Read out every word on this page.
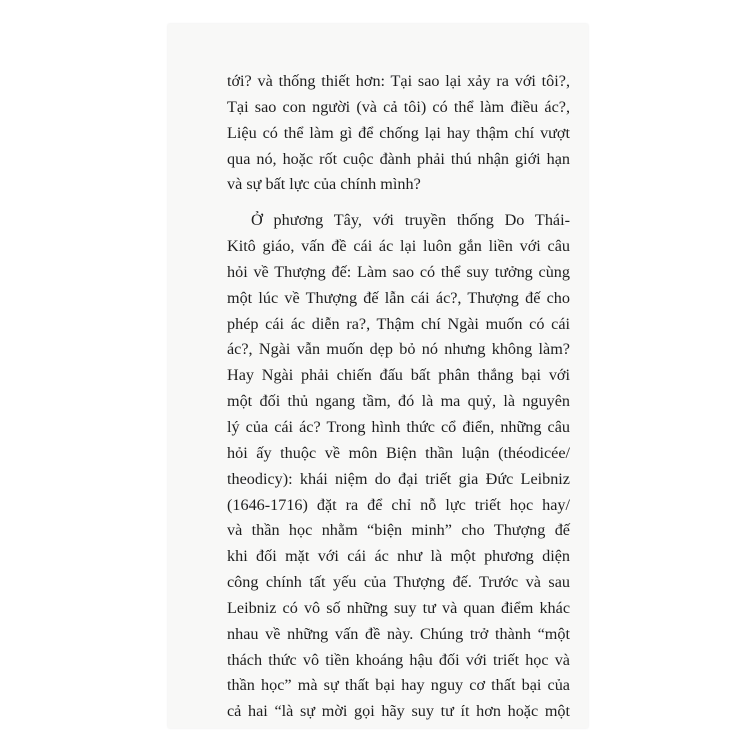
tới? và thống thiết hơn: Tại sao lại xảy ra với tôi?,
Tại sao con người (và cả tôi) có thể làm điều ác?,
Liệu có thể làm gì để chống lại hay thậm chí vượt
qua nó, hoặc rốt cuộc đành phải thú nhận giới hạn
và sự bất lực của chính mình?

Ở phương Tây, với truyền thống Do Thái-
Kitô giáo, vấn đề cái ác lại luôn gắn liền với câu
hỏi về Thượng đế: Làm sao có thể suy tưởng cùng
một lúc về Thượng đế lẫn cái ác?, Thượng đế cho
phép cái ác diễn ra?, Thậm chí Ngài muốn có cái
ác?, Ngài vẫn muốn dẹp bỏ nó nhưng không làm?
Hay Ngài phải chiến đấu bất phân thắng bại với
một đối thủ ngang tầm, đó là ma quỷ, là nguyên
lý của cái ác? Trong hình thức cổ điển, những câu
hỏi ấy thuộc về môn Biện thần luận (théodicée/
theodicy): khái niệm do đại triết gia Đức Leibniz
(1646-1716) đặt ra để chỉ nỗ lực triết học hay/
và thần học nhằm “biện minh” cho Thượng đế
khi đối mặt với cái ác như là một phương diện
công chính tất yếu của Thượng đế. Trước và sau
Leibniz có vô số những suy tư và quan điểm khác
nhau về những vấn đề này. Chúng trở thành “một
thách thức vô tiền khoáng hậu đối với triết học và
thần học” mà sự thất bại hay nguy cơ thất bại của
cả hai “là sự mời gọi hãy suy tư ít hơn hoặc một
